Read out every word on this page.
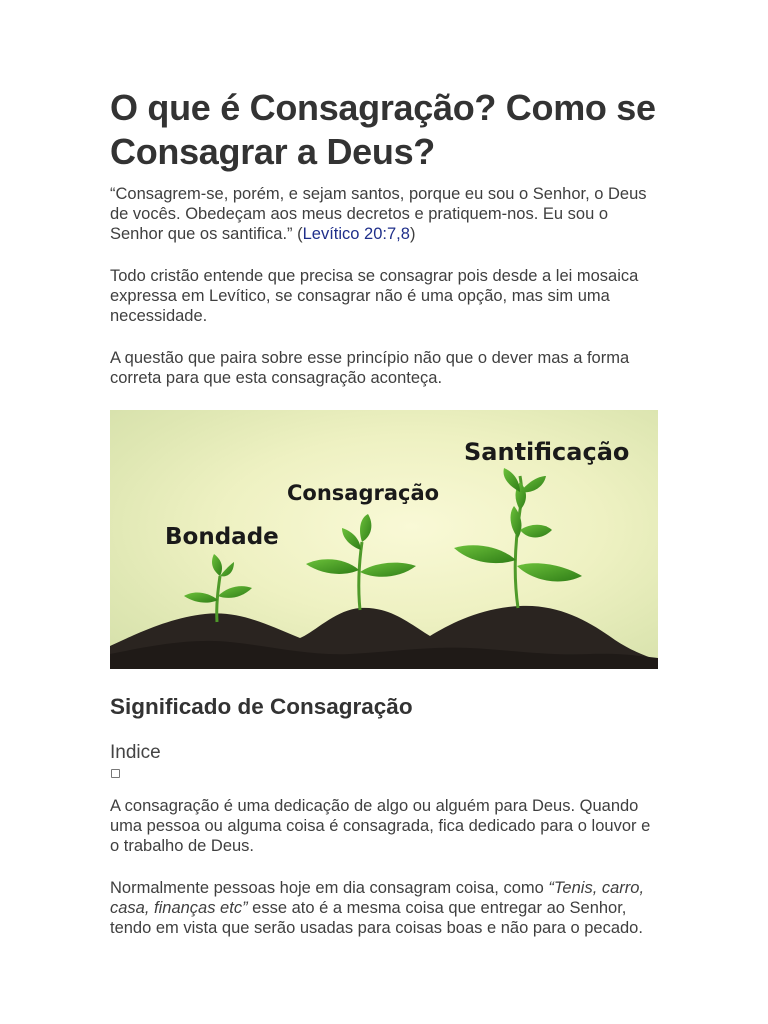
O que é Consagração? Como se Consagrar a Deus?

“Consagrem-se, porém, e sejam santos, porque eu sou o Senhor, o Deus de vocês. Obedeçam aos meus decretos e pratiquem-nos. Eu sou o Senhor que os santifica.” (Levítico 20:7,8)

Todo cristão entende que precisa se consagrar pois desde a lei mosaica expressa em Levítico, se consagrar não é uma opção, mas sim uma necessidade.

A questão que paira sobre esse princípio não que o dever mas a forma correta para que esta consagração aconteça.

Bondade
Consagração
Santificação
Significado de Consagração
Indice

A consagração é uma dedicação de algo ou alguém para Deus. Quando uma pessoa ou alguma coisa é consagrada, fica dedicado para o louvor e o trabalho de Deus.

Normalmente pessoas hoje em dia consagram coisa, como “Tenis, carro, casa, finanças etc” esse ato é a mesma coisa que entregar ao Senhor, tendo em vista que serão usadas para coisas boas e não para o pecado.
